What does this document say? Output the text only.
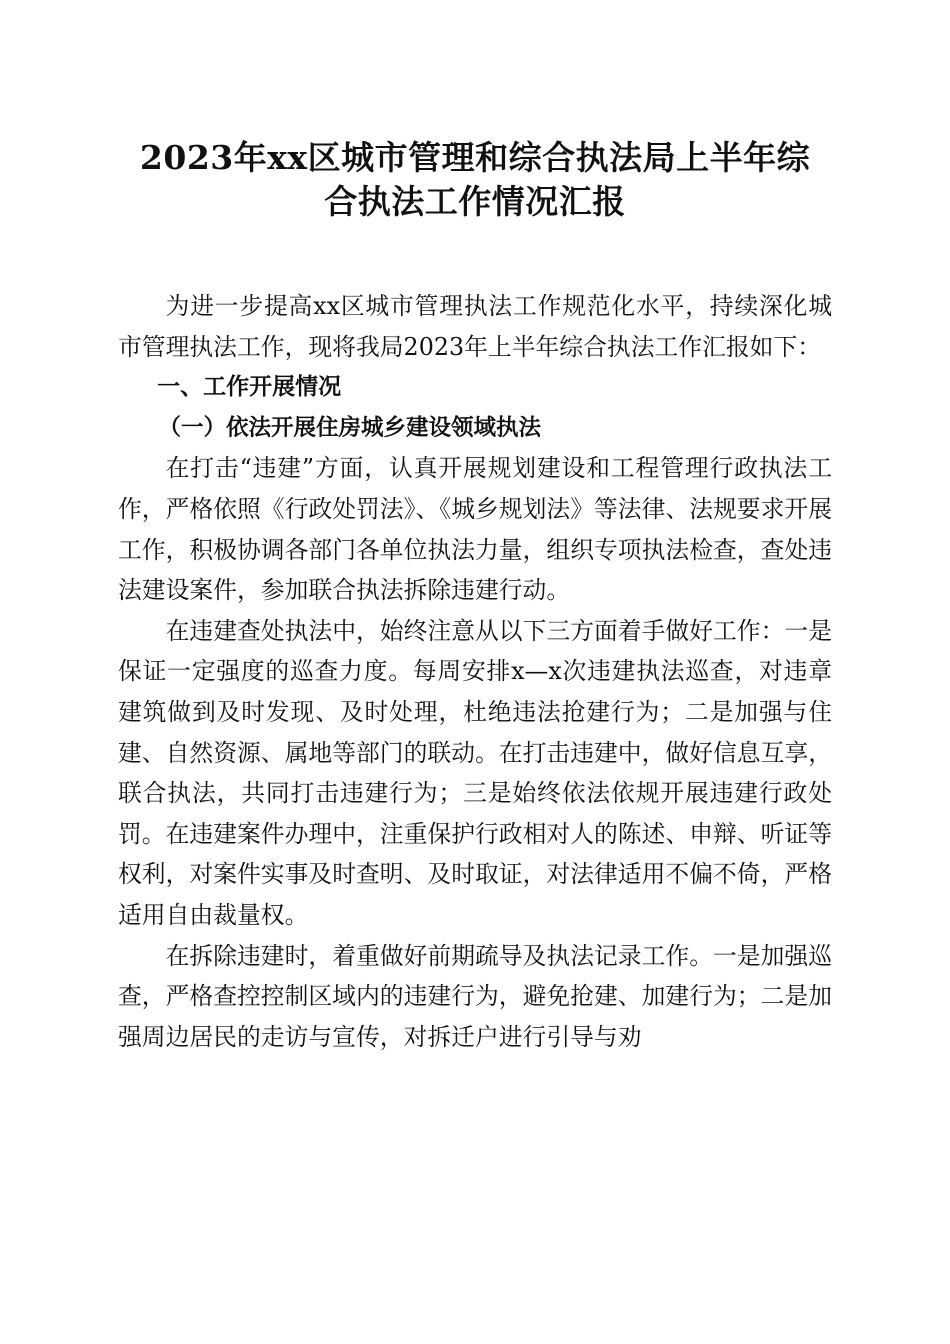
2023年xx区城市管理和综合执法局上半年综
合执法工作情况汇报

为进一步提高xx区城市管理执法工作规范化水平，持续深化城市管理执法工作，现将我局2023年上半年综合执法工作汇报如下：

一、工作开展情况

（一）依法开展住房城乡建设领域执法

在打击“违建”方面，认真开展规划建设和工程管理行政执法工作，严格依照《行政处罚法》、《城乡规划法》等法律、法规要求开展工作，积极协调各部门各单位执法力量，组织专项执法检查，查处违法建设案件，参加联合执法拆除违建行动。

在违建查处执法中，始终注意从以下三方面着手做好工作：一是保证一定强度的巡查力度。每周安排x—x次违建执法巡查，对违章建筑做到及时发现、及时处理，杜绝违法抢建行为；二是加强与住建、自然资源、属地等部门的联动。在打击违建中，做好信息互享，联合执法，共同打击违建行为；三是始终依法依规开展违建行政处罚。在违建案件办理中，注重保护行政相对人的陈述、申辩、听证等权利，对案件实事及时查明、及时取证，对法律适用不偏不倚，严格适用自由裁量权。

在拆除违建时，着重做好前期疏导及执法记录工作。一是加强巡查，严格查控控制区域内的违建行为，避免抢建、加建行为；二是加强周边居民的走访与宣传，对拆迁户进行引导与劝
